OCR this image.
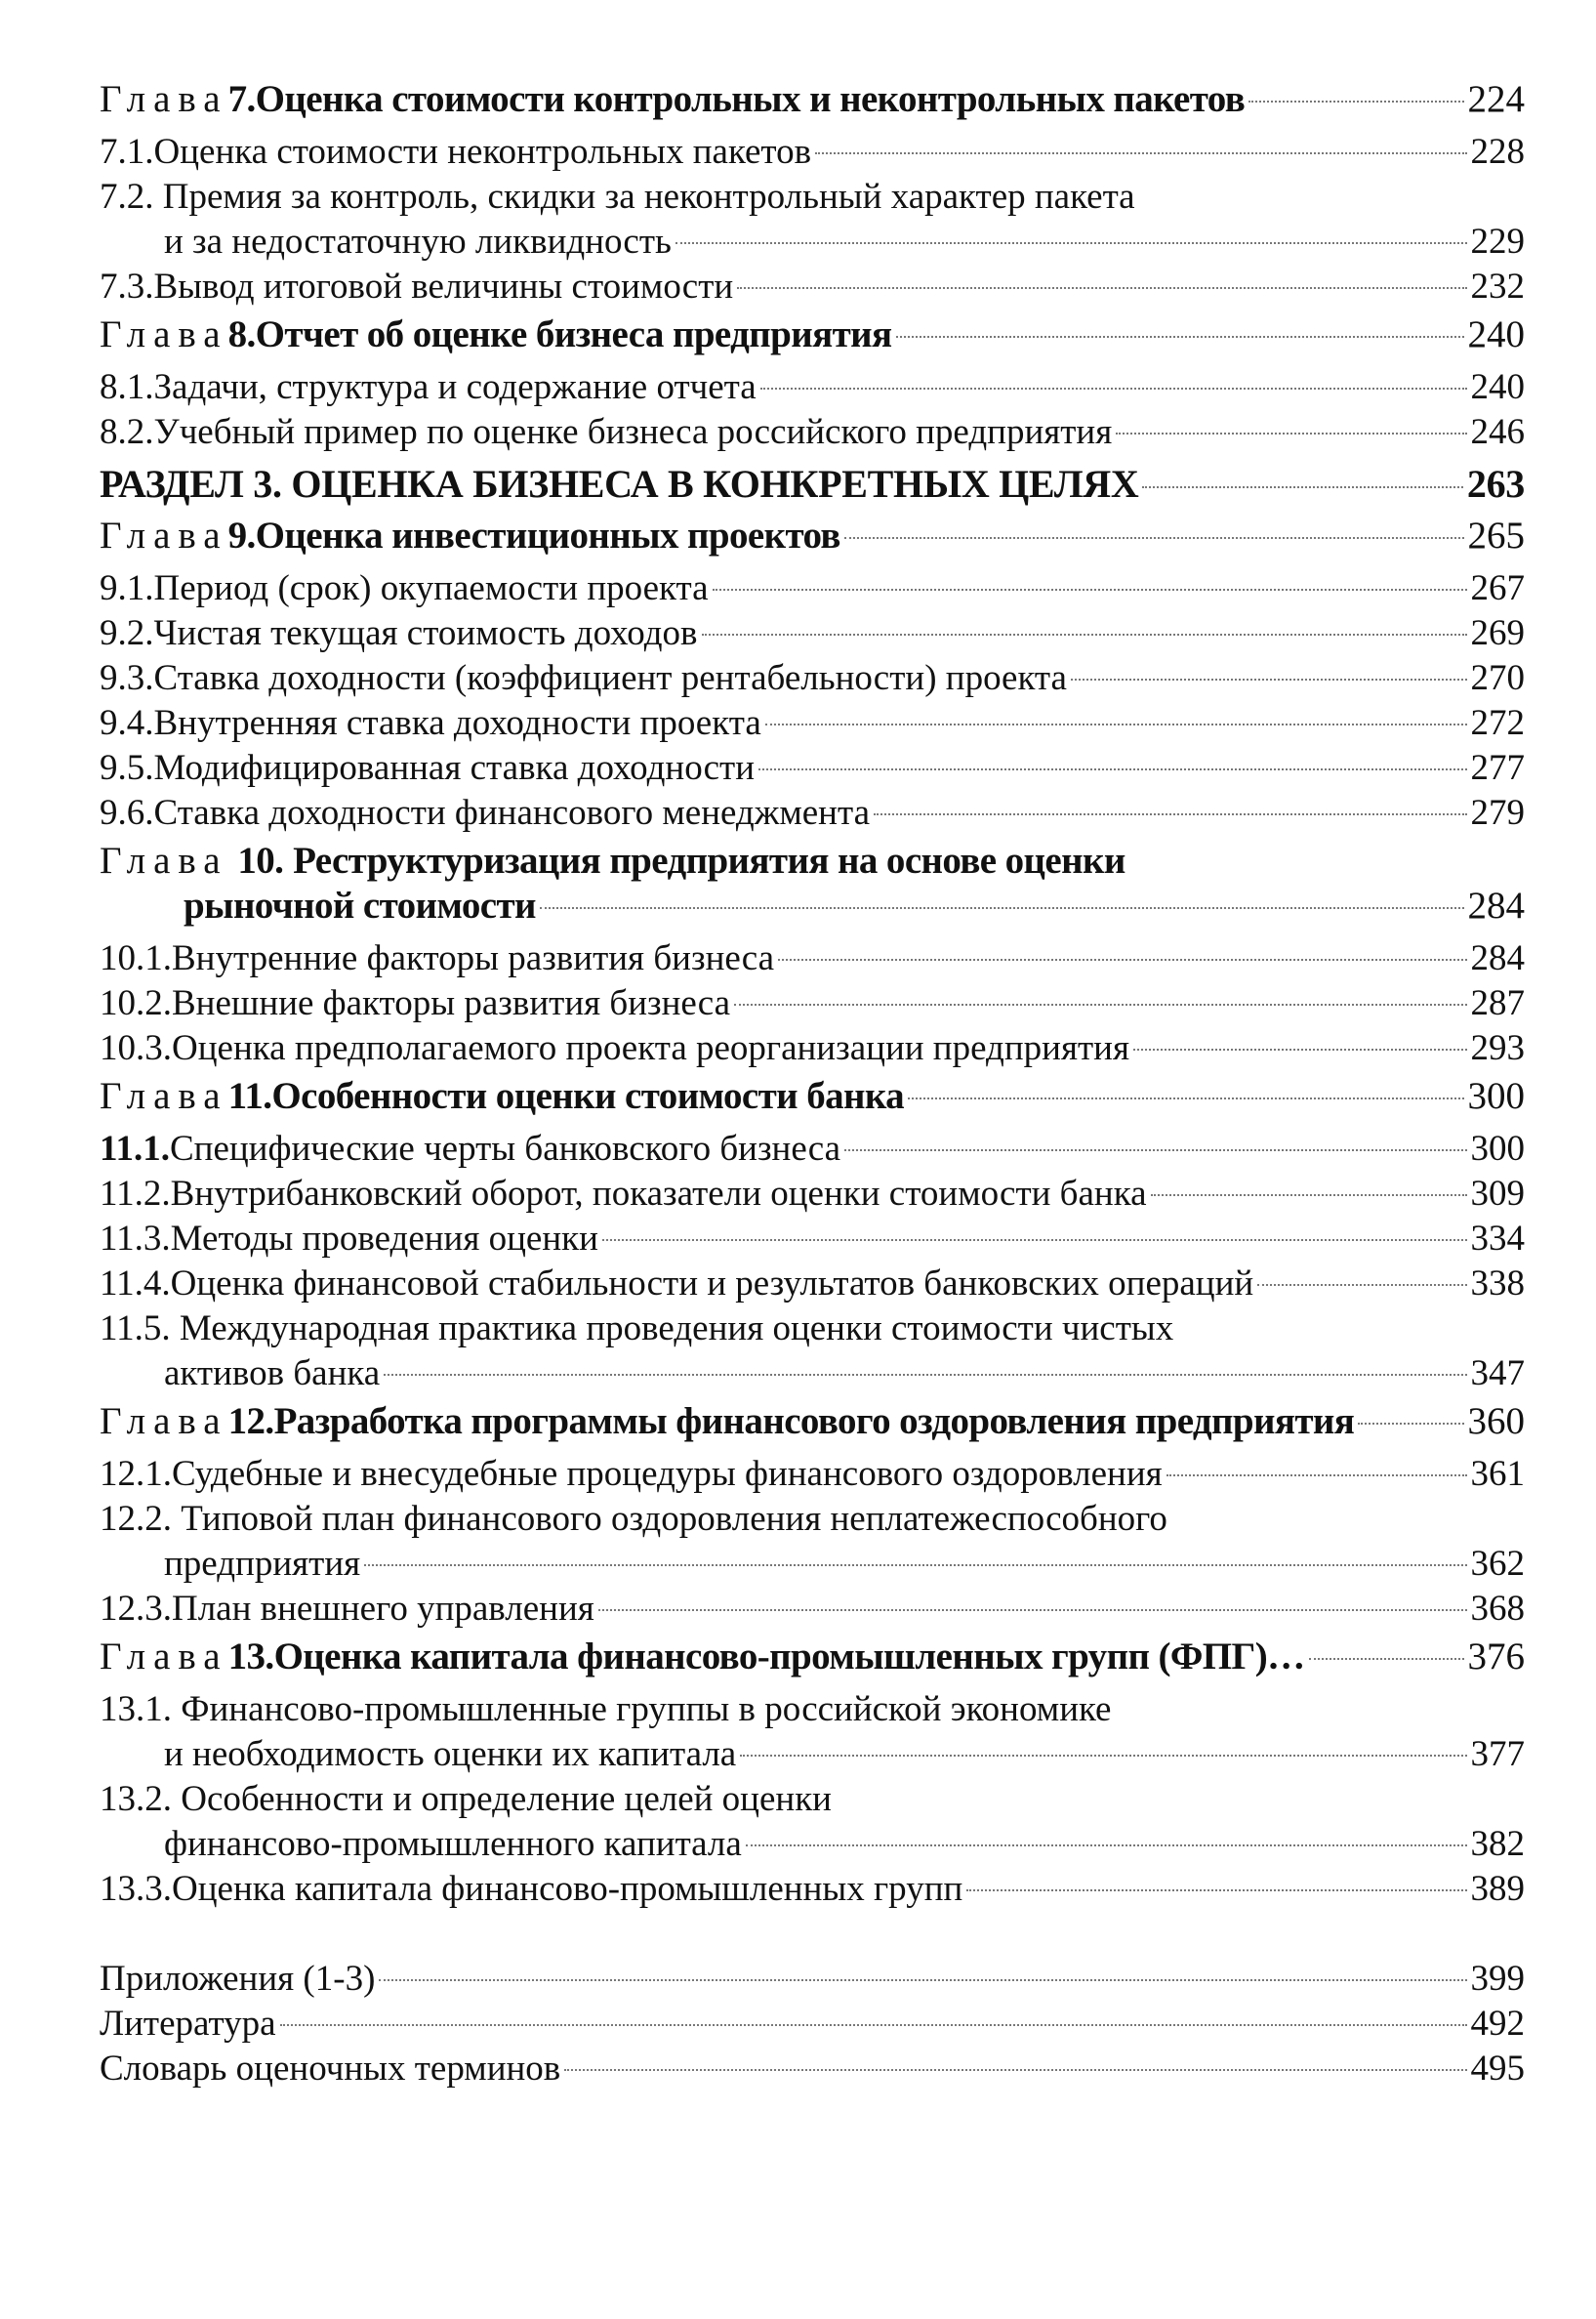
Глава 7. Оценка стоимости контрольных и неконтрольных пакетов	224
7.1. Оценка стоимости неконтрольных пакетов	228
7.2. Премия за контроль, скидки за неконтрольный характер пакета
и за недостаточную ликвидность	229
7.3. Вывод итоговой величины стоимости	232
Глава 8. Отчет об оценке бизнеса предприятия	240
8.1. Задачи, структура и содержание отчета	240
8.2. Учебный пример по оценке бизнеса российского предприятия	246
РАЗДЕЛ 3. ОЦЕНКА БИЗНЕСА В КОНКРЕТНЫХ ЦЕЛЯХ	263
Глава 9. Оценка инвестиционных проектов	265
9.1. Период (срок) окупаемости проекта	267
9.2. Чистая текущая стоимость доходов	269
9.3. Ставка доходности (коэффициент рентабельности) проекта	270
9.4. Внутренняя ставка доходности проекта	272
9.5. Модифицированная ставка доходности	277
9.6. Ставка доходности финансового менеджмента	279
Глава 10. Реструктуризация предприятия на основе оценки
рыночной стоимости	284
10.1. Внутренние факторы развития бизнеса	284
10.2. Внешние факторы развития бизнеса	287
10.3. Оценка предполагаемого проекта реорганизации предприятия	293
Глава 11. Особенности оценки стоимости банка	300
11.1. Специфические черты банковского бизнеса	300
11.2. Внутрибанковский оборот, показатели оценки стоимости банка	309
11.3. Методы проведения оценки	334
11.4. Оценка финансовой стабильности и результатов банковских операций	338
11.5. Международная практика проведения оценки стоимости чистых
активов банка	347
Глава 12. Разработка программы финансового оздоровления предприятия	360
12.1. Судебные и внесудебные процедуры финансового оздоровления	361
12.2. Типовой план финансового оздоровления неплатежеспособного
предприятия	362
12.3. План внешнего управления	368
Глава 13. Оценка капитала финансово-промышленных групп (ФПГ)…	376
13.1. Финансово-промышленные группы в российской экономике
и необходимость оценки их капитала	377
13.2. Особенности и определение целей оценки
финансово-промышленного капитала	382
13.3. Оценка капитала финансово-промышленных групп	389
Приложения (1-3)	399
Литература	492
Словарь оценочных терминов	495
